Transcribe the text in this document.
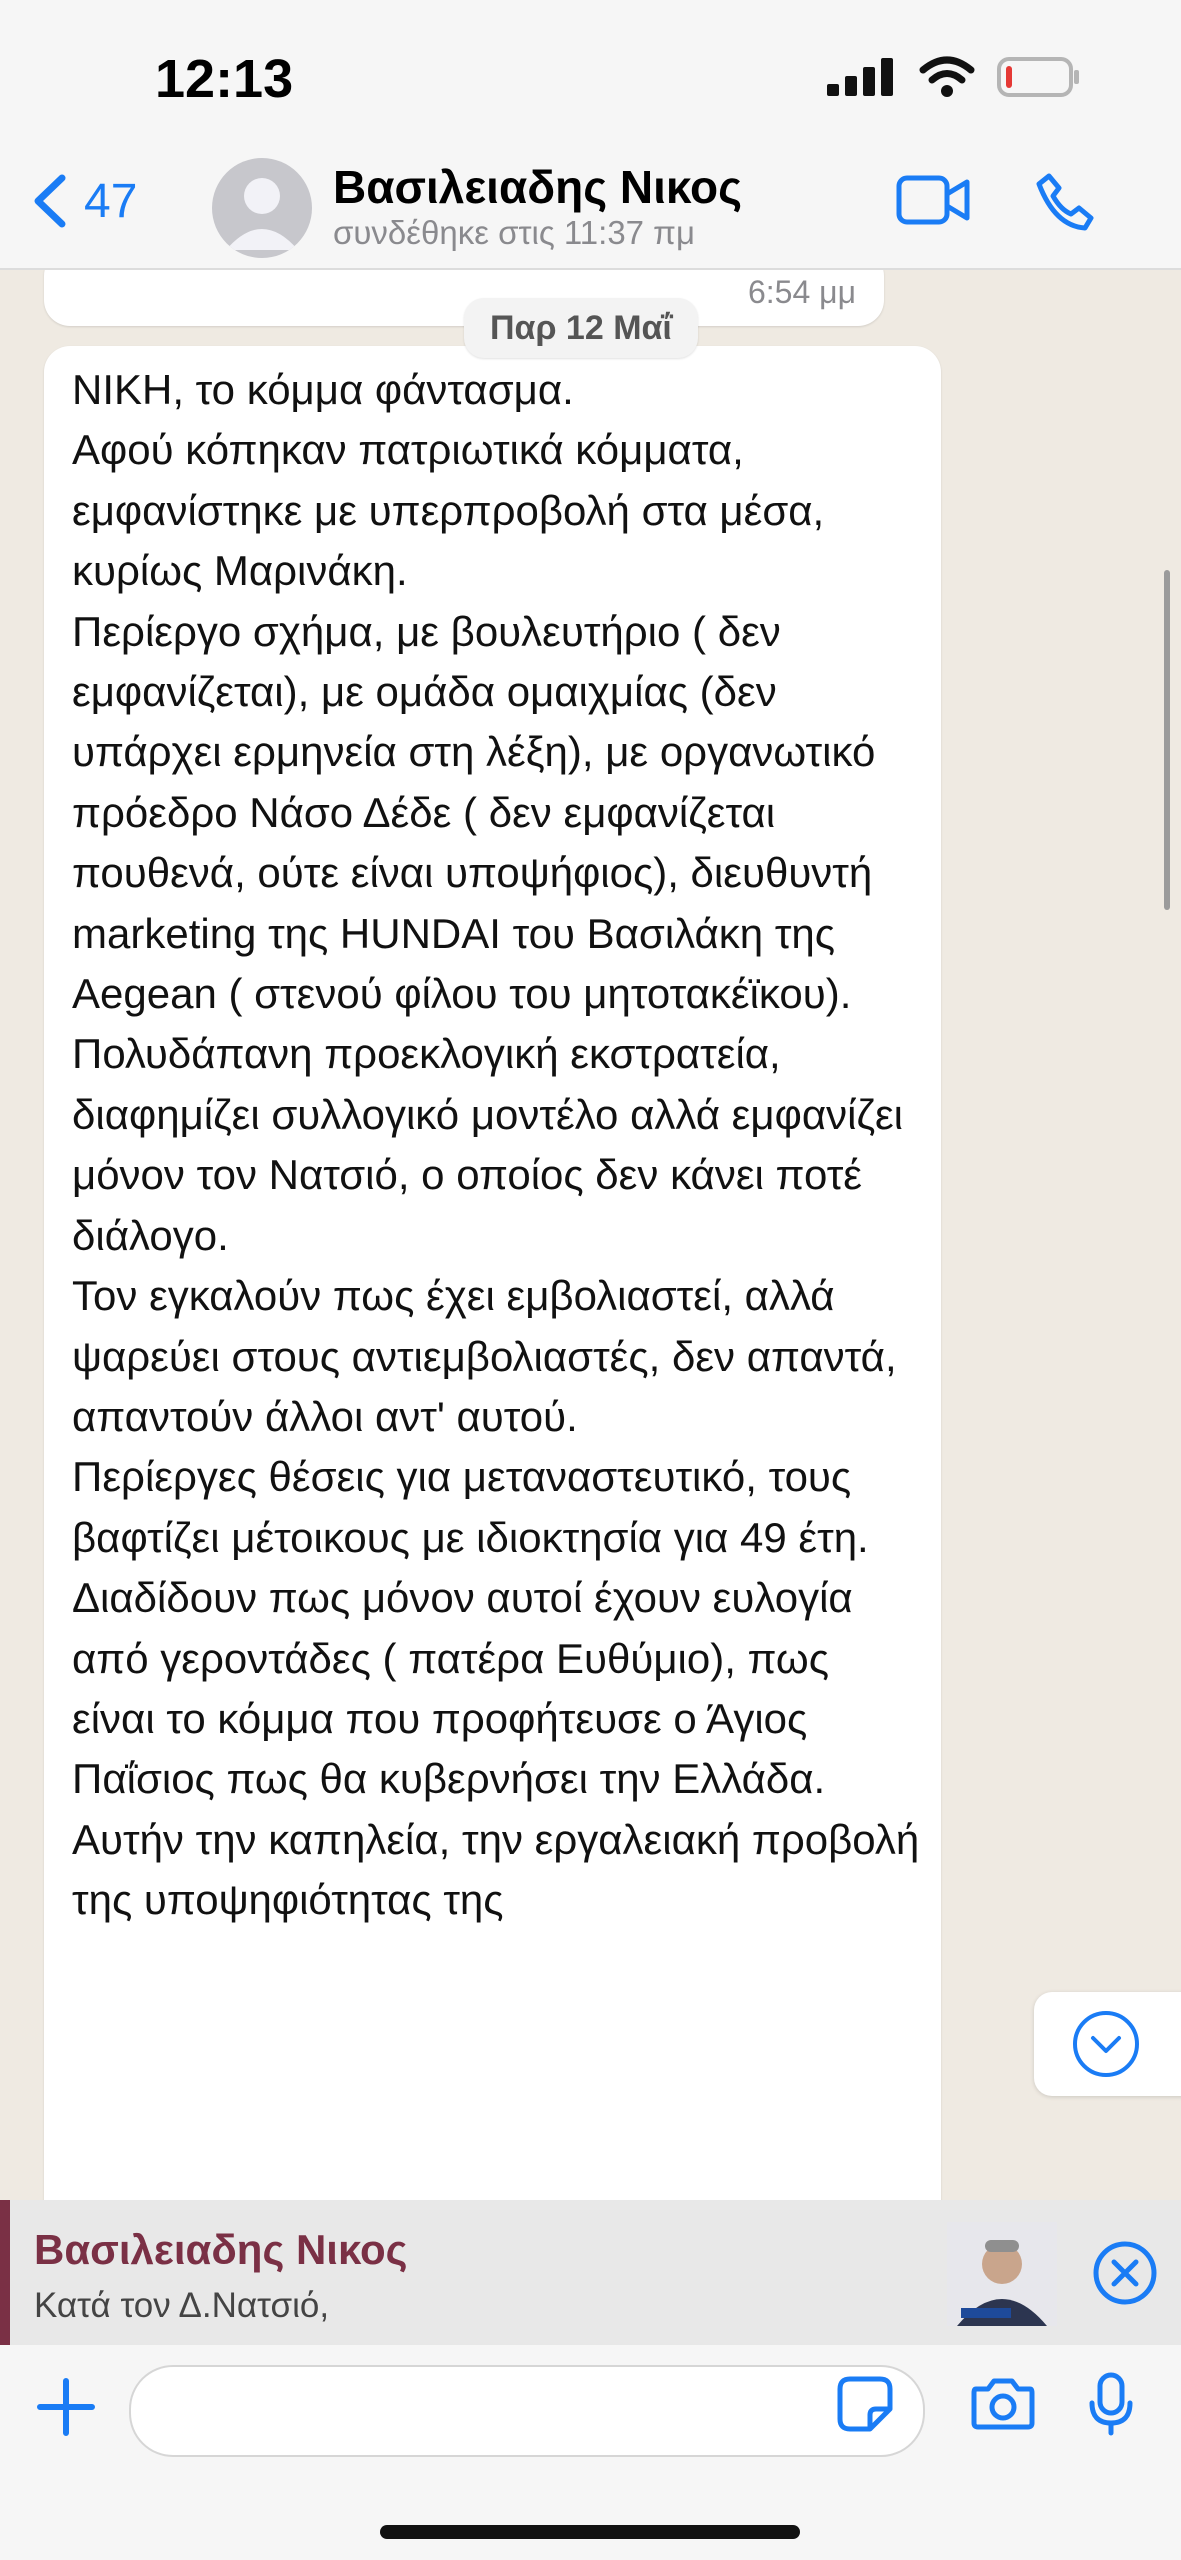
12:13
47	Βασιλειαδης Νικος
συνδέθηκε στις 11:37 πμ
6:54 μμ
ΝΙΚΗ, το κόμμα φάντασμα.
Αφού κόπηκαν πατριωτικά κόμματα, εμφανίστηκε με υπερπροβολή στα μέσα, κυρίως Μαρινάκη.
Περίεργο σχήμα, με βουλευτήριο ( δεν εμφανίζεται), με ομάδα ομαιχμίας (δεν υπάρχει ερμηνεία στη λέξη), με οργανωτικό πρόεδρο Νάσο Δέδε ( δεν εμφανίζεται πουθενά, ούτε είναι υποψήφιος), διευθυντή marketing της HUNDAI του Βασιλάκη της Aegean ( στενού φίλου του μητοτακέϊκου).
Πολυδάπανη προεκλογική εκστρατεία, διαφημίζει συλλογικό μοντέλο αλλά εμφανίζει μόνον τον Νατσιό, ο οποίος δεν κάνει ποτέ διάλογο.
Τον εγκαλούν πως έχει εμβολιαστεί, αλλά ψαρεύει στους αντιεμβολιαστές, δεν απαντά, απαντούν άλλοι αντ' αυτού.
Περίεργες θέσεις για μεταναστευτικό, τους βαφτίζει μέτοικους με ιδιοκτησία για 49 έτη.
Διαδίδουν πως μόνον αυτοί έχουν ευλογία από γεροντάδες ( πατέρα Ευθύμιο), πως είναι το κόμμα που προφήτευσε ο Άγιος Παΐσιος πως θα κυβερνήσει την Ελλάδα.
Αυτήν την καπηλεία, την εργαλειακή προβολή της υποψηφιότητας της
Παρ 12 Μαΐ
Βασιλειαδης Νικος
Κατά τον Δ.Νατσιό,
